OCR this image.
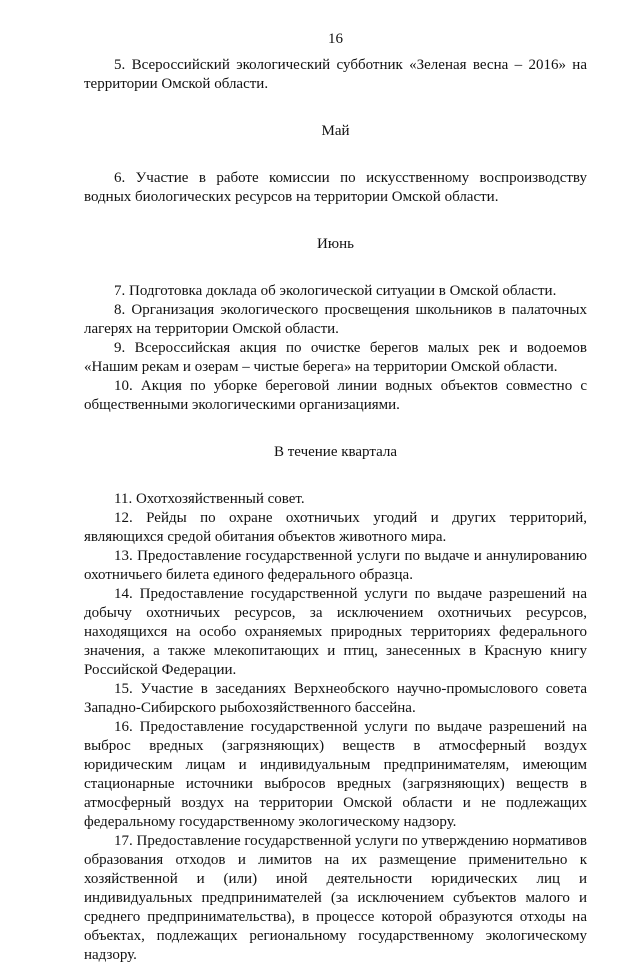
16

5. Всероссийский экологический субботник «Зеленая весна – 2016» на территории Омской области.

Май

6. Участие в работе комиссии по искусственному воспроизводству водных биологических ресурсов на территории Омской области.

Июнь

7. Подготовка доклада об экологической ситуации в Омской области.

8. Организация экологического просвещения школьников в палаточных лагерях на территории Омской области.

9. Всероссийская акция по очистке берегов малых рек и водоемов «Нашим рекам и озерам – чистые берега» на территории Омской области.

10. Акция по уборке береговой линии водных объектов совместно с общественными экологическими организациями.

В течение квартала

11. Охотхозяйственный совет.

12. Рейды по охране охотничьих угодий и других территорий, являющихся средой обитания объектов животного мира.

13. Предоставление государственной услуги по выдаче и аннулированию охотничьего билета единого федерального образца.

14. Предоставление государственной услуги по выдаче разрешений на добычу охотничьих ресурсов, за исключением охотничьих ресурсов, находящихся на особо охраняемых природных территориях федерального значения, а также млекопитающих и птиц, занесенных в Красную книгу Российской Федерации.

15. Участие в заседаниях Верхнеобского научно-промыслового совета Западно-Сибирского рыбохозяйственного бассейна.

16. Предоставление государственной услуги по выдаче разрешений на выброс вредных (загрязняющих) веществ в атмосферный воздух юридическим лицам и индивидуальным предпринимателям, имеющим стационарные источники выбросов вредных (загрязняющих) веществ в атмосферный воздух на территории Омской области и не подлежащих федеральному государственному экологическому надзору.

17. Предоставление государственной услуги по утверждению нормативов образования отходов и лимитов на их размещение применительно к хозяйственной и (или) иной деятельности юридических лиц и индивидуальных предпринимателей (за исключением субъектов малого и среднего предпринимательства), в процессе которой образуются отходы на объектах, подлежащих региональному государственному экологическому надзору.
